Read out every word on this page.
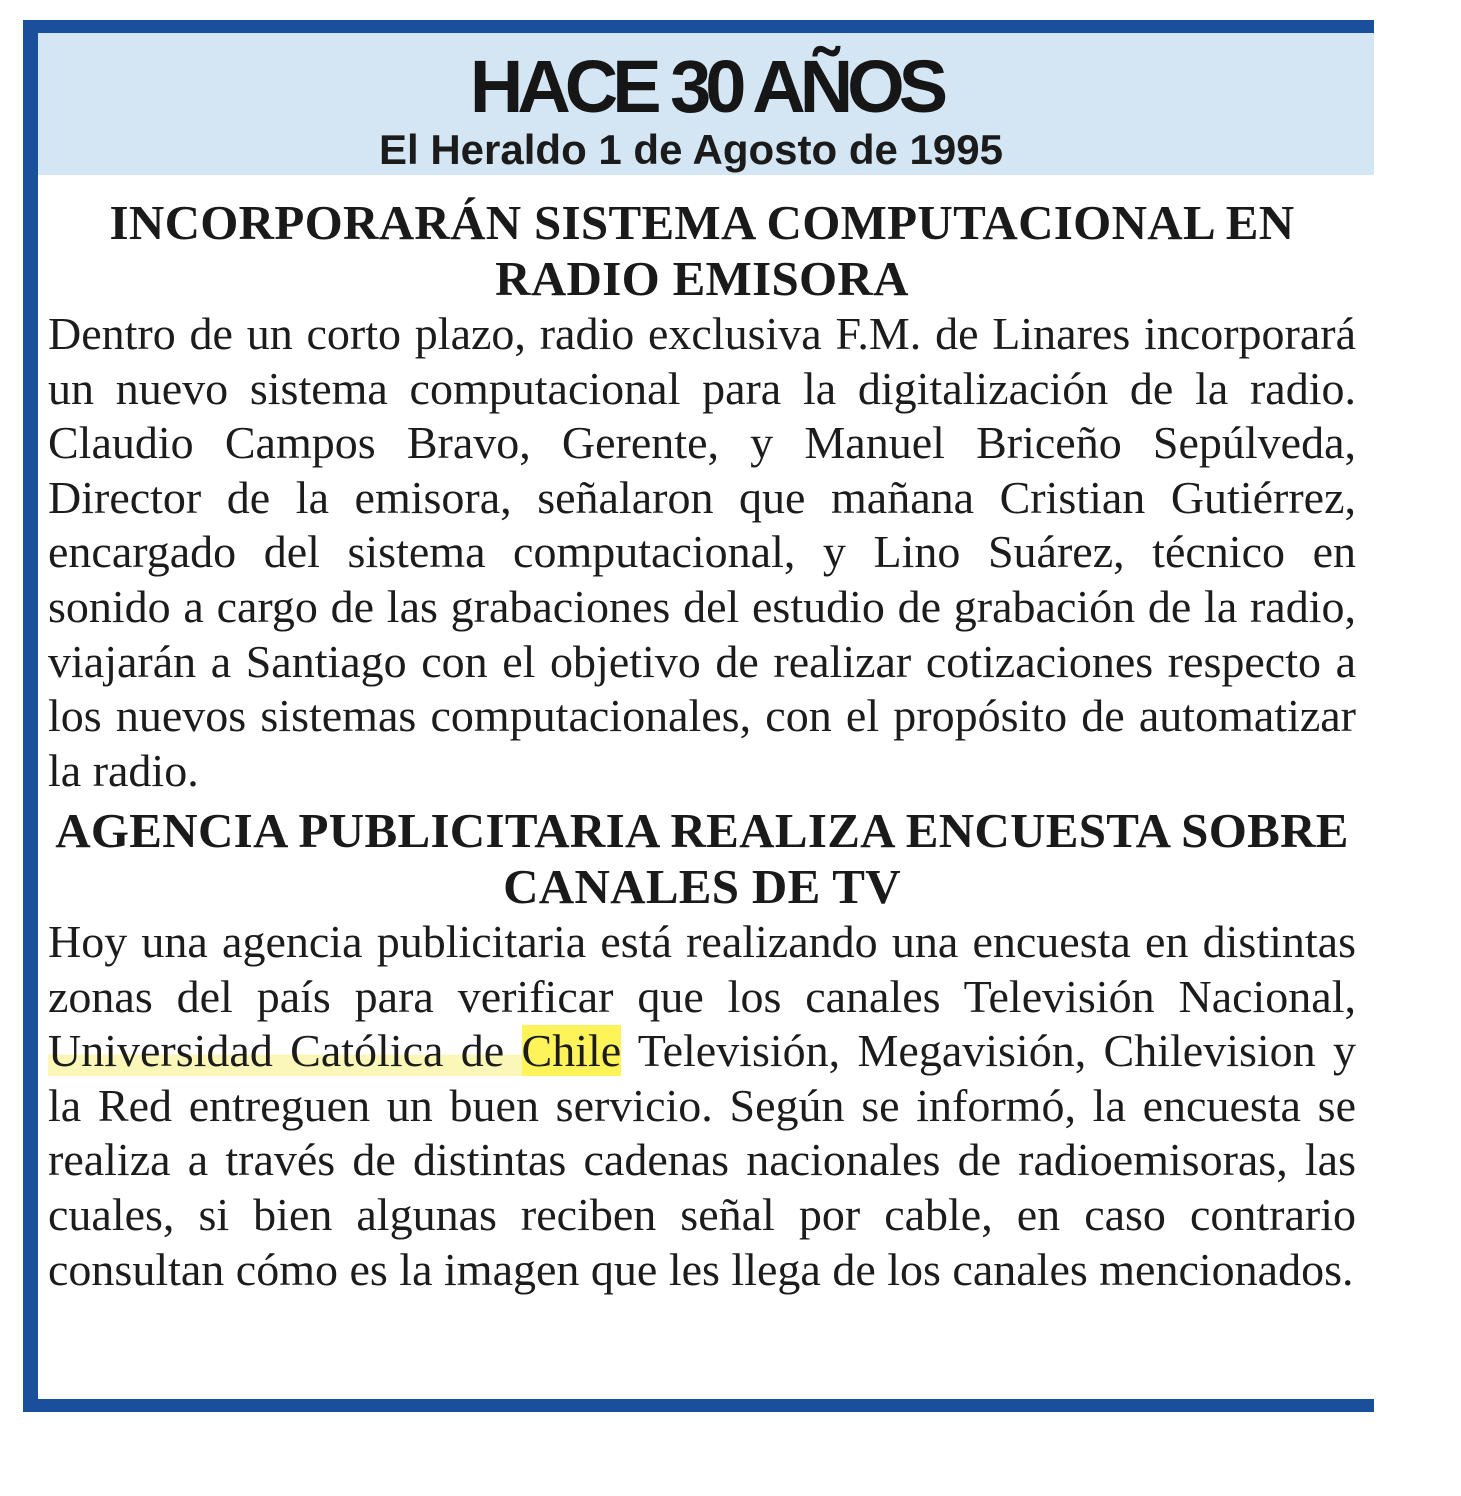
HACE 30 AÑOS
El Heraldo 1 de Agosto de 1995
INCORPORARÁN SISTEMA COMPUTACIONAL EN RADIO EMISORA

Dentro de un corto plazo, radio exclusiva F.M. de Linares incorporará un nuevo sistema computacional para la digitalización de la radio. Claudio Campos Bravo, Gerente, y Manuel Briceño Sepúlveda, Director de la emisora, señalaron que mañana Cristian Gutiérrez, encargado del sistema computacional, y Lino Suárez, técnico en sonido a cargo de las grabaciones del estudio de grabación de la radio, viajarán a Santiago con el objetivo de realizar cotizaciones respecto a los nuevos sistemas computacionales, con el propósito de automatizar la radio.

AGENCIA PUBLICITARIA REALIZA ENCUESTA SOBRE CANALES DE TV

Hoy una agencia publicitaria está realizando una encuesta en distintas zonas del país para verificar que los canales Televisión Nacional, Universidad Católica de Chile Televisión, Megavisión, Chilevision y la Red entreguen un buen servicio. Según se informó, la encuesta se realiza a través de distintas cadenas nacionales de radioemisoras, las cuales, si bien algunas reciben señal por cable, en caso contrario consultan cómo es la imagen que les llega de los canales mencionados.
